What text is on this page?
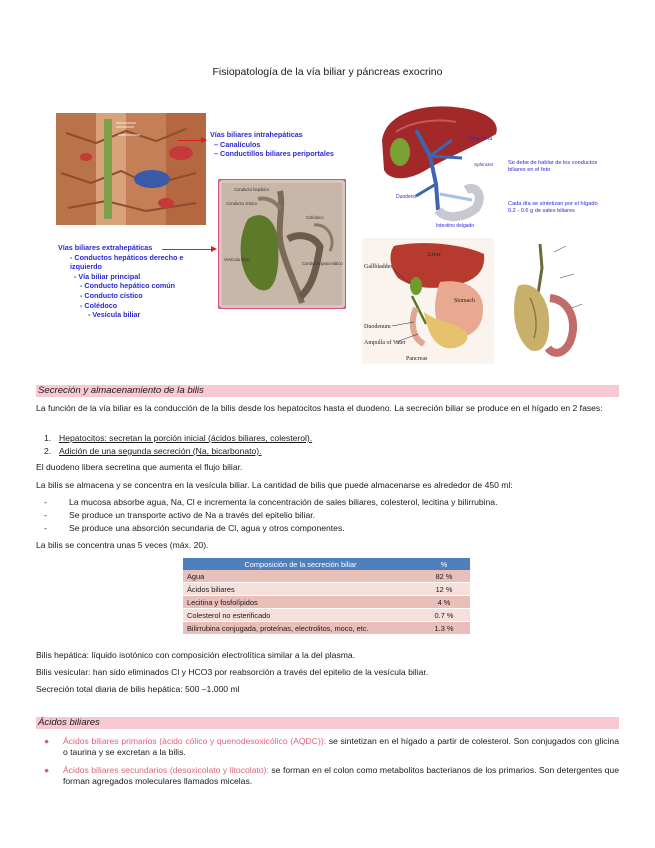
Fisiopatología de la vía biliar y páncreas exocrino
Vías biliares intrahepáticas
– Canalículos
– Conductillos biliares periportales
Conducto hepático
Conducto cístico
Colédoco
Vesícula biliar
Conducto pancreático
Vías biliares extrahepáticas
- Conductos hepáticos derecho e
izquierdo
- Vía biliar principal
- Conducto hepático común
- Conducto cístico
- Colédoco
- Vesícula biliar
Vena porta
Sphincter
Duodeno
Intestino delgado
Se debe de hablar de los conductos biliares en el feto
Cada día se sintetizan por el hígado 0.2 - 0.6 g de sales biliares
Liver
Gallbladder
Stomach
Duodenum
Ampulla of Vater
Pancreas
Secreción y almacenamiento de la bilis
La función de la vía biliar es la conducción de la bilis desde los hepatocitos hasta el duodeno. La secreción biliar se produce en el hígado en 2 fases:
1. Hepatocitos: secretan la porción inicial (ácidos biliares, colesterol).
2. Adición de una segunda secreción (Na, bicarbonato).
El duodeno libera secretina que aumenta el flujo biliar.
La bilis se almacena y se concentra en la vesícula biliar. La cantidad de bilis que puede almacenarse es alrededor de 450 ml:
-	La mucosa absorbe agua, Na, Cl e incrementa la concentración de sales biliares, colesterol, lecitina y bilirrubina.
-	Se produce un transporte activo de Na a través del epitelio biliar.
-	Se produce una absorción secundaria de Cl, agua y otros componentes.
La bilis se concentra unas 5 veces (máx. 20).
Composición de la secreción biliar	%
Agua	82 %
Ácidos biliares	12 %
Lecitina y fosfolípidos	4 %
Colesterol no esterificado	0.7 %
Bilirrubina conjugada, proteínas, electrolitos, moco, etc.	1.3 %
Bilis hepática: líquido isotónico con composición electrolítica similar a la del plasma.
Bilis vesicular: han sido eliminados Cl y HCO3 por reabsorción a través del epitelio de la vesícula biliar.
Secreción total diaria de bilis hepática: 500 –1.000 ml
Ácidos biliares
● Ácidos biliares primarios (ácido cólico y quenodesoxicólico (AQDC)): se sintetizan en el hígado a partir de colesterol. Son conjugados con glicina o taurina y se excretan a la bilis.
● Ácidos biliares secundarios (desoxicolato y litocolato): se forman en el colon como metabolitos bacterianos de los primarios. Son detergentes que forman agregados moleculares llamados micelas.
